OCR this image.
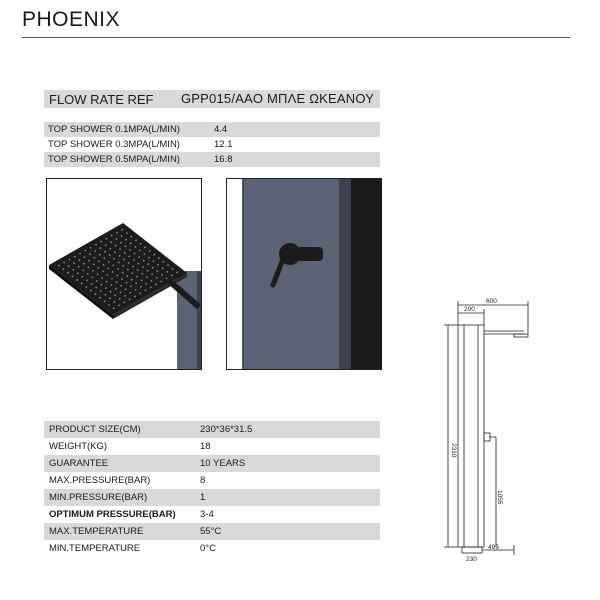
PHOENIX
FLOW RATE REF GPP015/AAO ΜΠΛΕ ΩΚΕΑΝΟΥ
TOP SHOWER 0.1MPA(L/MIN)	4.4
TOP SHOWER 0.3MPA(L/MIN)	12.1
TOP SHOWER 0.5MPA(L/MIN)	16.8
PRODUCT SIZE(CM)	230*36*31.5
WEIGHT(KG)	18
GUARANTEE	10 YEARS
MAX.PRESSURE(BAR)	8
MIN.PRESSURE(BAR)	1
OPTIMUM PRESSURE(BAR)	3-4
MAX.TEMPERATURE	55°C
MIN.TEMPERATURE	0°C
600
200
2310
1055
230
499
